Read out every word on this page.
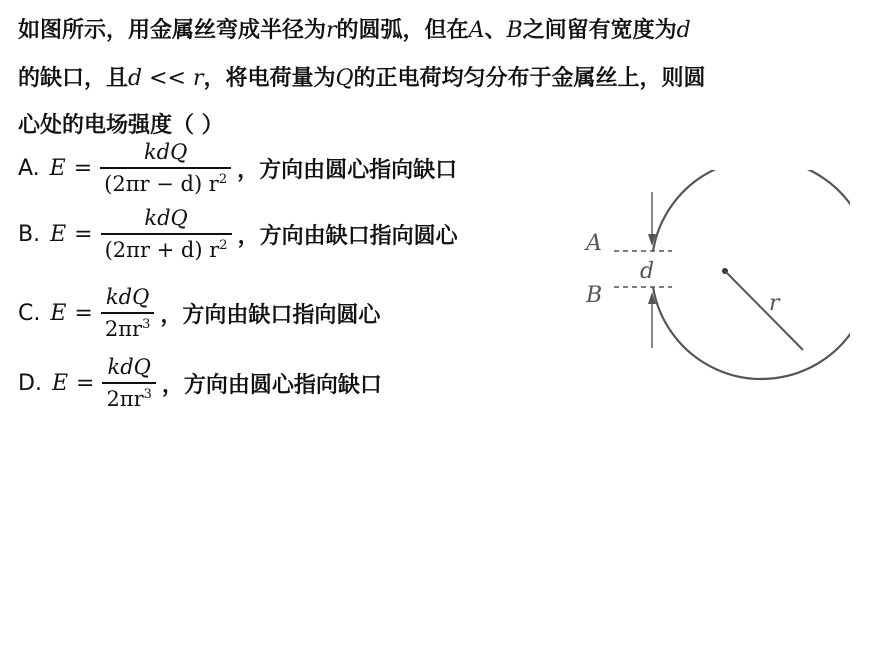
如图所示，用金属丝弯成半径为r的圆弧，但在A、B之间留有宽度为d
的缺口，且d << r，将电荷量为Q的正电荷均匀分布于金属丝上，则圆
心处的电场强度（ ）
A. $E = \frac{\text{kdQ}}{(2\pi r - d) r^2}$ ，方向由圆心指向缺口
B. $E = \frac{\text{kdQ}}{(2\pi r + d) r^2}$ ，方向由缺口指向圆心
C. $E = \frac{\text{kdQ}}{2\pi r^3}$ ，方向由缺口指向圆心
D. $E = \frac{\text{kdQ}}{2\pi r^3}$ ，方向由圆心指向缺口
A
B
d
r
